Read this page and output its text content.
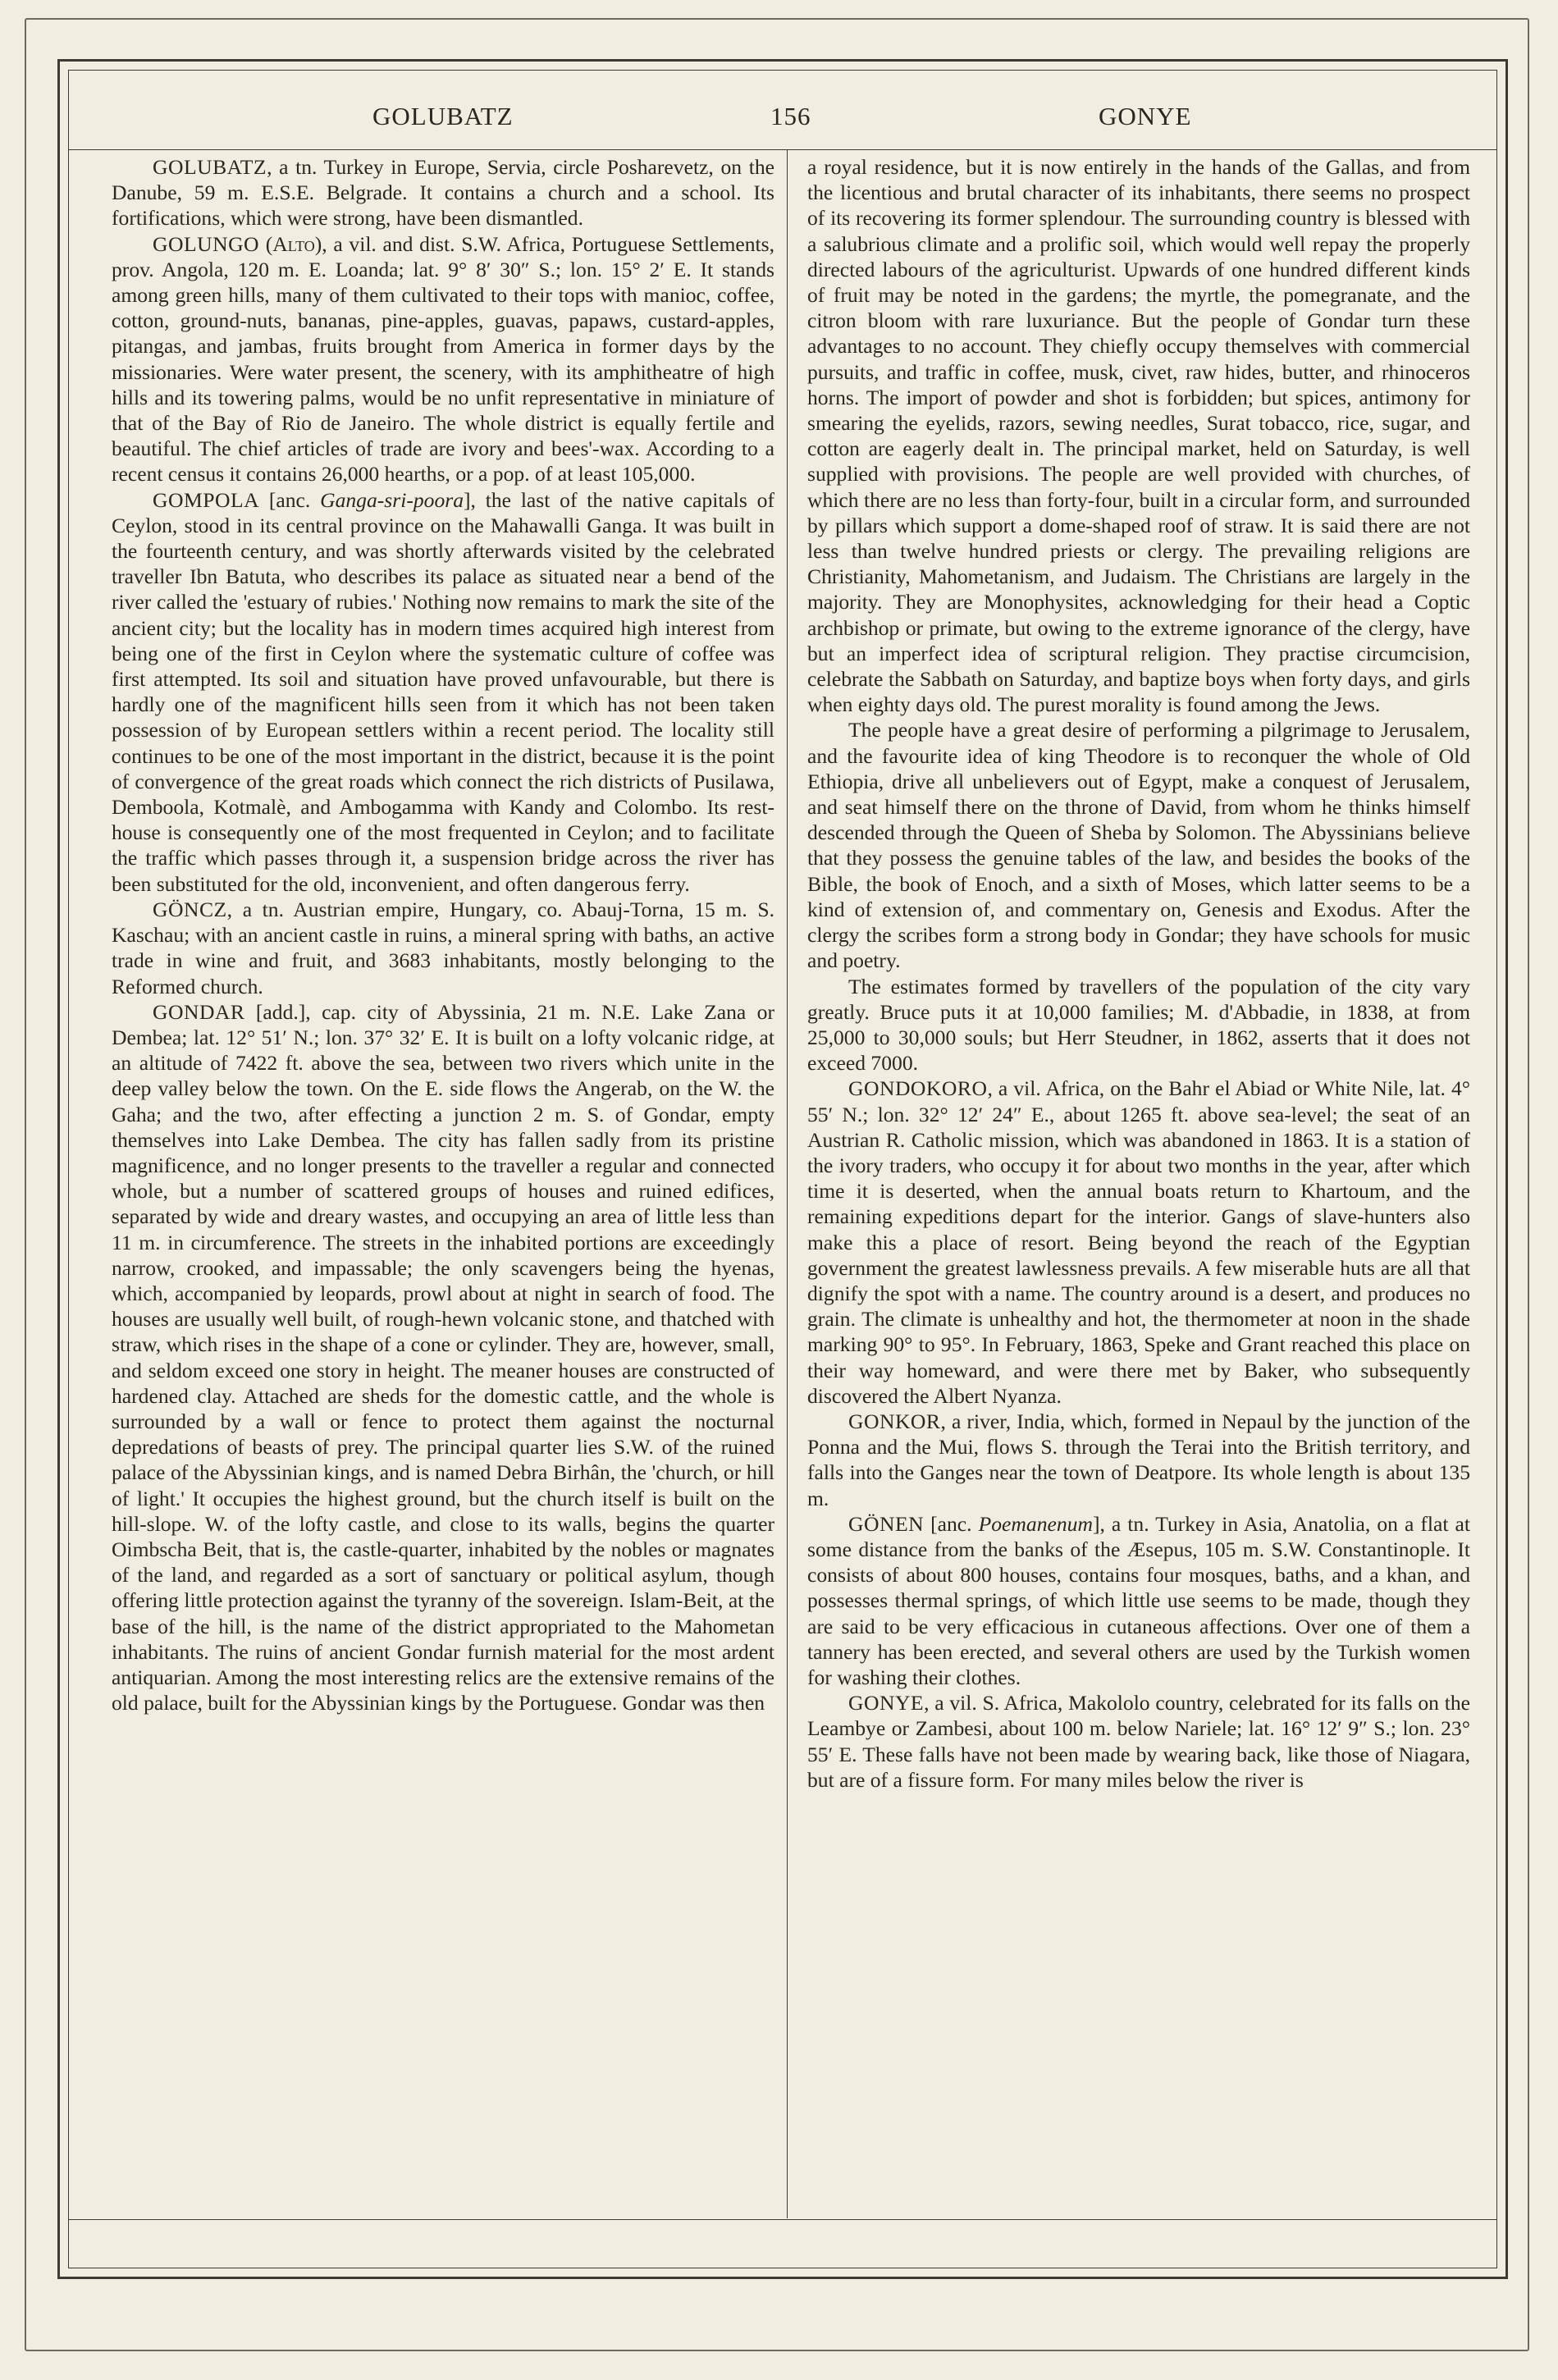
GOLUBATZ	156	GONYE

GOLUBATZ, a tn. Turkey in Europe, Servia, circle Posharevetz, on the Danube, 59 m. E.S.E. Belgrade. It contains a church and a school. Its fortifications, which were strong, have been dismantled.

GOLUNGO (Alto), a vil. and dist. S.W. Africa, Portuguese Settlements, prov. Angola, 120 m. E. Loanda; lat. 9° 8′ 30″ S.; lon. 15° 2′ E. It stands among green hills, many of them cultivated to their tops with manioc, coffee, cotton, ground-nuts, bananas, pine-apples, guavas, papaws, custard-apples, pitangas, and jambas, fruits brought from America in former days by the missionaries. Were water present, the scenery, with its amphitheatre of high hills and its towering palms, would be no unfit representative in miniature of that of the Bay of Rio de Janeiro. The whole district is equally fertile and beautiful. The chief articles of trade are ivory and bees'-wax. According to a recent census it contains 26,000 hearths, or a pop. of at least 105,000.

GOMPOLA [anc. Ganga-sri-poora], the last of the native capitals of Ceylon, stood in its central province on the Mahawalli Ganga. It was built in the fourteenth century, and was shortly afterwards visited by the celebrated traveller Ibn Batuta, who describes its palace as situated near a bend of the river called the 'estuary of rubies.' Nothing now remains to mark the site of the ancient city; but the locality has in modern times acquired high interest from being one of the first in Ceylon where the systematic culture of coffee was first attempted. Its soil and situation have proved unfavourable, but there is hardly one of the magnificent hills seen from it which has not been taken possession of by European settlers within a recent period. The locality still continues to be one of the most important in the district, because it is the point of convergence of the great roads which connect the rich districts of Pusilawa, Demboola, Kotmalè, and Ambogamma with Kandy and Colombo. Its rest-house is consequently one of the most frequented in Ceylon; and to facilitate the traffic which passes through it, a suspension bridge across the river has been substituted for the old, inconvenient, and often dangerous ferry.

GÖNCZ, a tn. Austrian empire, Hungary, co. Abauj-Torna, 15 m. S. Kaschau; with an ancient castle in ruins, a mineral spring with baths, an active trade in wine and fruit, and 3683 inhabitants, mostly belonging to the Reformed church.

GONDAR [add.], cap. city of Abyssinia, 21 m. N.E. Lake Zana or Dembea; lat. 12° 51′ N.; lon. 37° 32′ E. It is built on a lofty volcanic ridge, at an altitude of 7422 ft. above the sea, between two rivers which unite in the deep valley below the town. On the E. side flows the Angerab, on the W. the Gaha; and the two, after effecting a junction 2 m. S. of Gondar, empty themselves into Lake Dembea. The city has fallen sadly from its pristine magnificence, and no longer presents to the traveller a regular and connected whole, but a number of scattered groups of houses and ruined edifices, separated by wide and dreary wastes, and occupying an area of little less than 11 m. in circumference. The streets in the inhabited portions are exceedingly narrow, crooked, and impassable; the only scavengers being the hyenas, which, accompanied by leopards, prowl about at night in search of food. The houses are usually well built, of rough-hewn volcanic stone, and thatched with straw, which rises in the shape of a cone or cylinder. They are, however, small, and seldom exceed one story in height. The meaner houses are constructed of hardened clay. Attached are sheds for the domestic cattle, and the whole is surrounded by a wall or fence to protect them against the nocturnal depredations of beasts of prey. The principal quarter lies S.W. of the ruined palace of the Abyssinian kings, and is named Debra Birhân, the 'church, or hill of light.' It occupies the highest ground, but the church itself is built on the hill-slope. W. of the lofty castle, and close to its walls, begins the quarter Oimbscha Beit, that is, the castle-quarter, inhabited by the nobles or magnates of the land, and regarded as a sort of sanctuary or political asylum, though offering little protection against the tyranny of the sovereign. Islam-Beit, at the base of the hill, is the name of the district appropriated to the Mahometan inhabitants. The ruins of ancient Gondar furnish material for the most ardent antiquarian. Among the most interesting relics are the extensive remains of the old palace, built for the Abyssinian kings by the Portuguese. Gondar was then

a royal residence, but it is now entirely in the hands of the Gallas, and from the licentious and brutal character of its inhabitants, there seems no prospect of its recovering its former splendour. The surrounding country is blessed with a salubrious climate and a prolific soil, which would well repay the properly directed labours of the agriculturist. Upwards of one hundred different kinds of fruit may be noted in the gardens; the myrtle, the pomegranate, and the citron bloom with rare luxuriance. But the people of Gondar turn these advantages to no account. They chiefly occupy themselves with commercial pursuits, and traffic in coffee, musk, civet, raw hides, butter, and rhinoceros horns. The import of powder and shot is forbidden; but spices, antimony for smearing the eyelids, razors, sewing needles, Surat tobacco, rice, sugar, and cotton are eagerly dealt in. The principal market, held on Saturday, is well supplied with provisions. The people are well provided with churches, of which there are no less than forty-four, built in a circular form, and surrounded by pillars which support a dome-shaped roof of straw. It is said there are not less than twelve hundred priests or clergy. The prevailing religions are Christianity, Mahometanism, and Judaism. The Christians are largely in the majority. They are Monophysites, acknowledging for their head a Coptic archbishop or primate, but owing to the extreme ignorance of the clergy, have but an imperfect idea of scriptural religion. They practise circumcision, celebrate the Sabbath on Saturday, and baptize boys when forty days, and girls when eighty days old. The purest morality is found among the Jews.

The people have a great desire of performing a pilgrimage to Jerusalem, and the favourite idea of king Theodore is to reconquer the whole of Old Ethiopia, drive all unbelievers out of Egypt, make a conquest of Jerusalem, and seat himself there on the throne of David, from whom he thinks himself descended through the Queen of Sheba by Solomon. The Abyssinians believe that they possess the genuine tables of the law, and besides the books of the Bible, the book of Enoch, and a sixth of Moses, which latter seems to be a kind of extension of, and commentary on, Genesis and Exodus. After the clergy the scribes form a strong body in Gondar; they have schools for music and poetry.

The estimates formed by travellers of the population of the city vary greatly. Bruce puts it at 10,000 families; M. d'Abbadie, in 1838, at from 25,000 to 30,000 souls; but Herr Steudner, in 1862, asserts that it does not exceed 7000.

GONDOKORO, a vil. Africa, on the Bahr el Abiad or White Nile, lat. 4° 55′ N.; lon. 32° 12′ 24″ E., about 1265 ft. above sea-level; the seat of an Austrian R. Catholic mission, which was abandoned in 1863. It is a station of the ivory traders, who occupy it for about two months in the year, after which time it is deserted, when the annual boats return to Khartoum, and the remaining expeditions depart for the interior. Gangs of slave-hunters also make this a place of resort. Being beyond the reach of the Egyptian government the greatest lawlessness prevails. A few miserable huts are all that dignify the spot with a name. The country around is a desert, and produces no grain. The climate is unhealthy and hot, the thermometer at noon in the shade marking 90° to 95°. In February, 1863, Speke and Grant reached this place on their way homeward, and were there met by Baker, who subsequently discovered the Albert Nyanza.

GONKOR, a river, India, which, formed in Nepaul by the junction of the Ponna and the Mui, flows S. through the Terai into the British territory, and falls into the Ganges near the town of Deatpore. Its whole length is about 135 m.

GÖNEN [anc. Poemanenum], a tn. Turkey in Asia, Anatolia, on a flat at some distance from the banks of the Æsepus, 105 m. S.W. Constantinople. It consists of about 800 houses, contains four mosques, baths, and a khan, and possesses thermal springs, of which little use seems to be made, though they are said to be very efficacious in cutaneous affections. Over one of them a tannery has been erected, and several others are used by the Turkish women for washing their clothes.

GONYE, a vil. S. Africa, Makololo country, celebrated for its falls on the Leambye or Zambesi, about 100 m. below Nariele; lat. 16° 12′ 9″ S.; lon. 23° 55′ E. These falls have not been made by wearing back, like those of Niagara, but are of a fissure form. For many miles below the river is
